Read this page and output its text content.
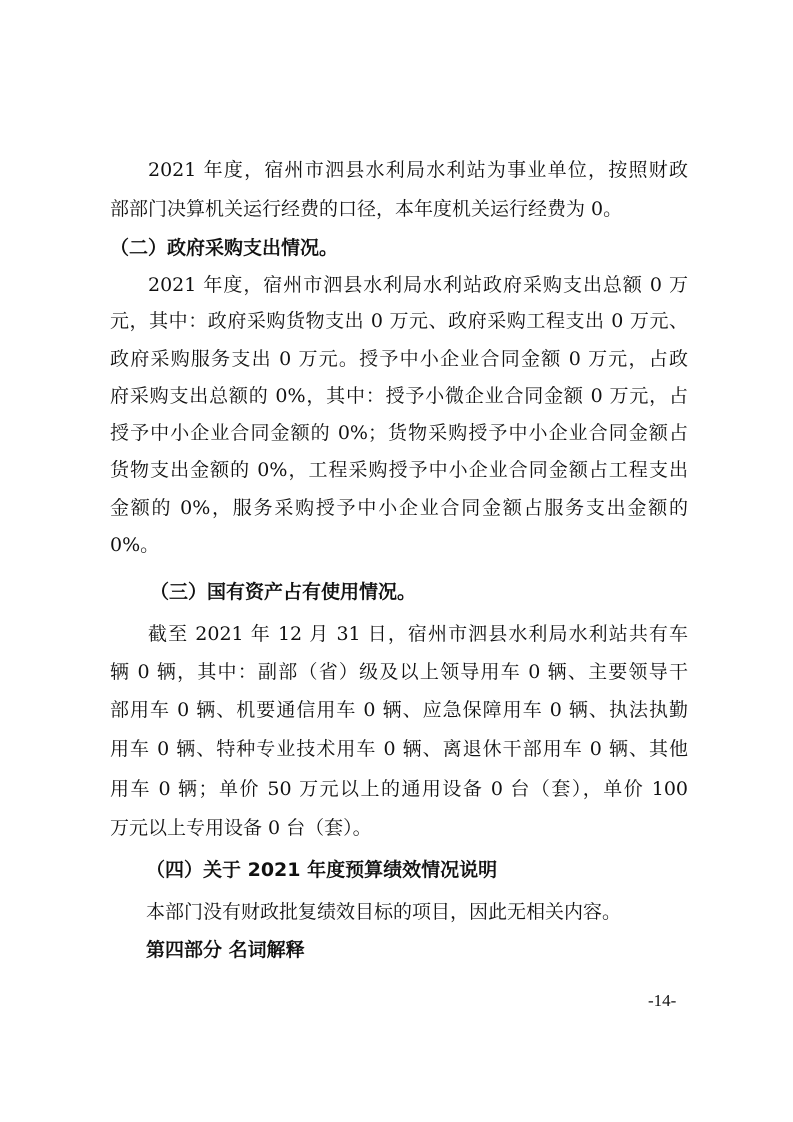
2021 年度，宿州市泗县水利局水利站为事业单位，按照财政
部部门决算机关运行经费的口径，本年度机关运行经费为 0。
（二）政府采购支出情况。
2021 年度，宿州市泗县水利局水利站政府采购支出总额 0 万
元，其中：政府采购货物支出 0 万元、政府采购工程支出 0 万元、
政府采购服务支出 0 万元。授予中小企业合同金额 0 万元，占政
府采购支出总额的 0%，其中：授予小微企业合同金额 0 万元，占
授予中小企业合同金额的 0%；货物采购授予中小企业合同金额占
货物支出金额的 0%，工程采购授予中小企业合同金额占工程支出
金额的 0%，服务采购授予中小企业合同金额占服务支出金额的
0%。
（三）国有资产占有使用情况。
截至 2021 年 12 月 31 日，宿州市泗县水利局水利站共有车
辆 0 辆，其中：副部（省）级及以上领导用车 0 辆、主要领导干
部用车 0 辆、机要通信用车 0 辆、应急保障用车 0 辆、执法执勤
用车 0 辆、特种专业技术用车 0 辆、离退休干部用车 0 辆、其他
用车 0 辆；单价 50 万元以上的通用设备 0 台（套），单价 100
万元以上专用设备 0 台（套）。
（四）关于 2021 年度预算绩效情况说明
本部门没有财政批复绩效目标的项目，因此无相关内容。
第四部分 名词解释
-14-
